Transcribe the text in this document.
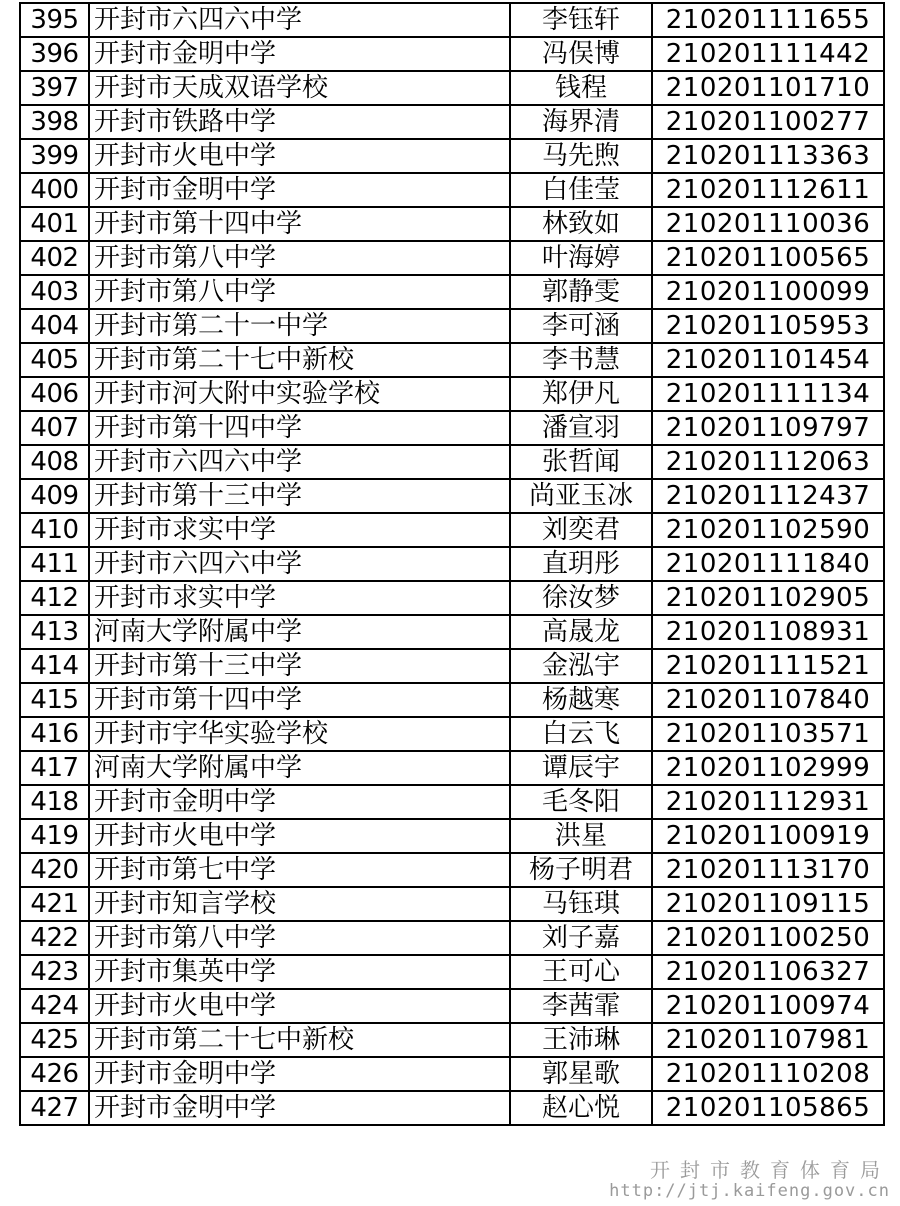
395	开封市六四六中学	李钰轩	210201111655
396	开封市金明中学	冯俣博	210201111442
397	开封市天成双语学校	钱程	210201101710
398	开封市铁路中学	海界清	210201100277
399	开封市火电中学	马先煦	210201113363
400	开封市金明中学	白佳莹	210201112611
401	开封市第十四中学	林致如	210201110036
402	开封市第八中学	叶海婷	210201100565
403	开封市第八中学	郭静雯	210201100099
404	开封市第二十一中学	李可涵	210201105953
405	开封市第二十七中新校	李书慧	210201101454
406	开封市河大附中实验学校	郑伊凡	210201111134
407	开封市第十四中学	潘宣羽	210201109797
408	开封市六四六中学	张哲闻	210201112063
409	开封市第十三中学	尚亚玉冰	210201112437
410	开封市求实中学	刘奕君	210201102590
411	开封市六四六中学	直玥彤	210201111840
412	开封市求实中学	徐汝梦	210201102905
413	河南大学附属中学	高晟龙	210201108931
414	开封市第十三中学	金泓宇	210201111521
415	开封市第十四中学	杨越寒	210201107840
416	开封市宇华实验学校	白云飞	210201103571
417	河南大学附属中学	谭辰宇	210201102999
418	开封市金明中学	毛冬阳	210201112931
419	开封市火电中学	洪星	210201100919
420	开封市第七中学	杨子明君	210201113170
421	开封市知言学校	马钰琪	210201109115
422	开封市第八中学	刘子嘉	210201100250
423	开封市集英中学	王可心	210201106327
424	开封市火电中学	李茜霏	210201100974
425	开封市第二十七中新校	王沛琳	210201107981
426	开封市金明中学	郭星歌	210201110208
427	开封市金明中学	赵心悦	210201105865
开封市教育体育局
http://jtj.kaifeng.gov.cn
